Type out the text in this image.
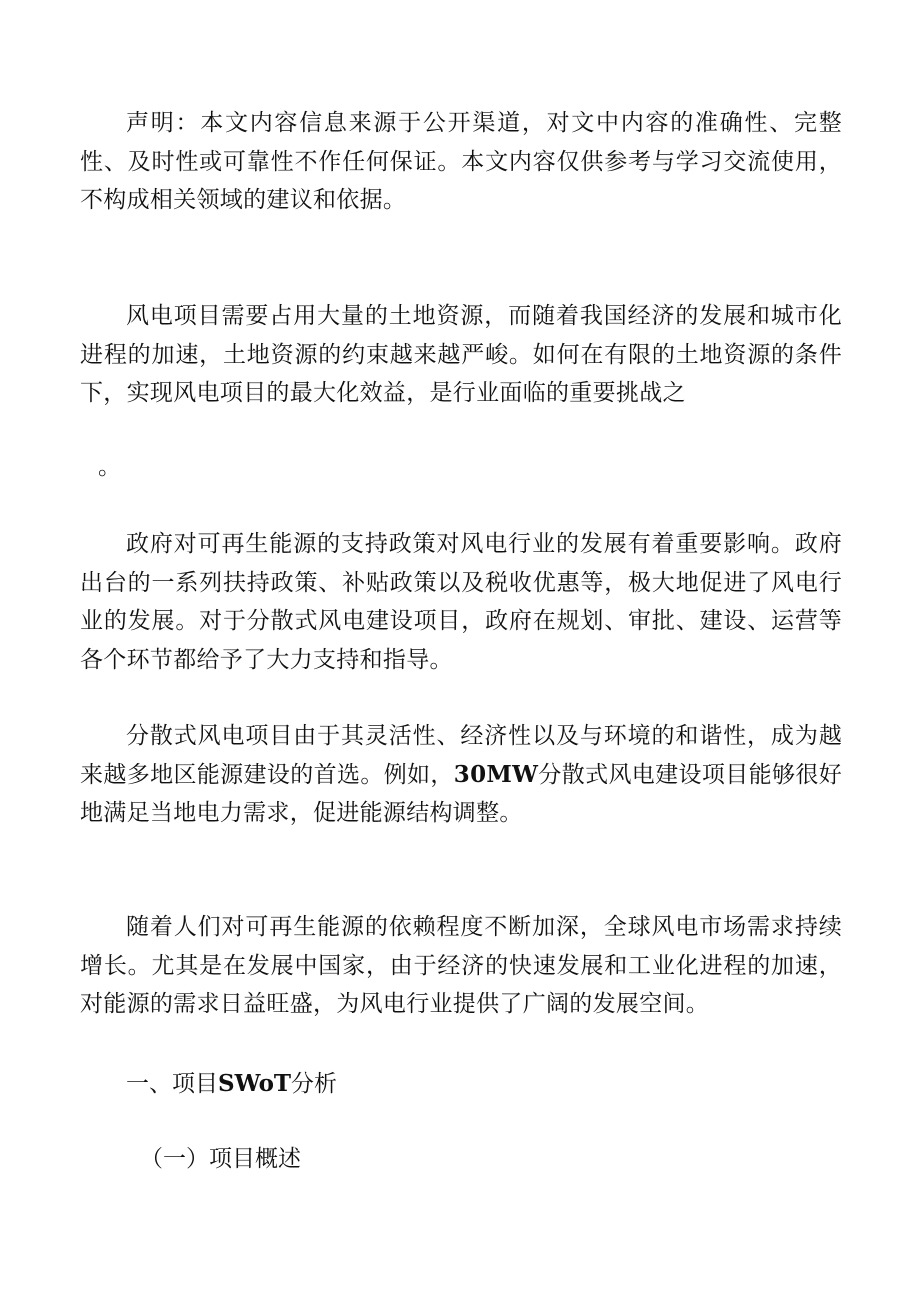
声明：本文内容信息来源于公开渠道，对文中内容的准确性、完整性、及时性或可靠性不作任何保证。本文内容仅供参考与学习交流使用，不构成相关领域的建议和依据。

风电项目需要占用大量的土地资源，而随着我国经济的发展和城市化进程的加速，土地资源的约束越来越严峻。如何在有限的土地资源的条件下，实现风电项目的最大化效益，是行业面临的重要挑战之

。

政府对可再生能源的支持政策对风电行业的发展有着重要影响。政府出台的一系列扶持政策、补贴政策以及税收优惠等，极大地促进了风电行业的发展。对于分散式风电建设项目，政府在规划、审批、建设、运营等各个环节都给予了大力支持和指导。

分散式风电项目由于其灵活性、经济性以及与环境的和谐性，成为越来越多地区能源建设的首选。例如，30MW分散式风电建设项目能够很好地满足当地电力需求，促进能源结构调整。

随着人们对可再生能源的依赖程度不断加深，全球风电市场需求持续增长。尤其是在发展中国家，由于经济的快速发展和工业化进程的加速，对能源的需求日益旺盛，为风电行业提供了广阔的发展空间。

一、项目SWoT分析
（一）项目概述
